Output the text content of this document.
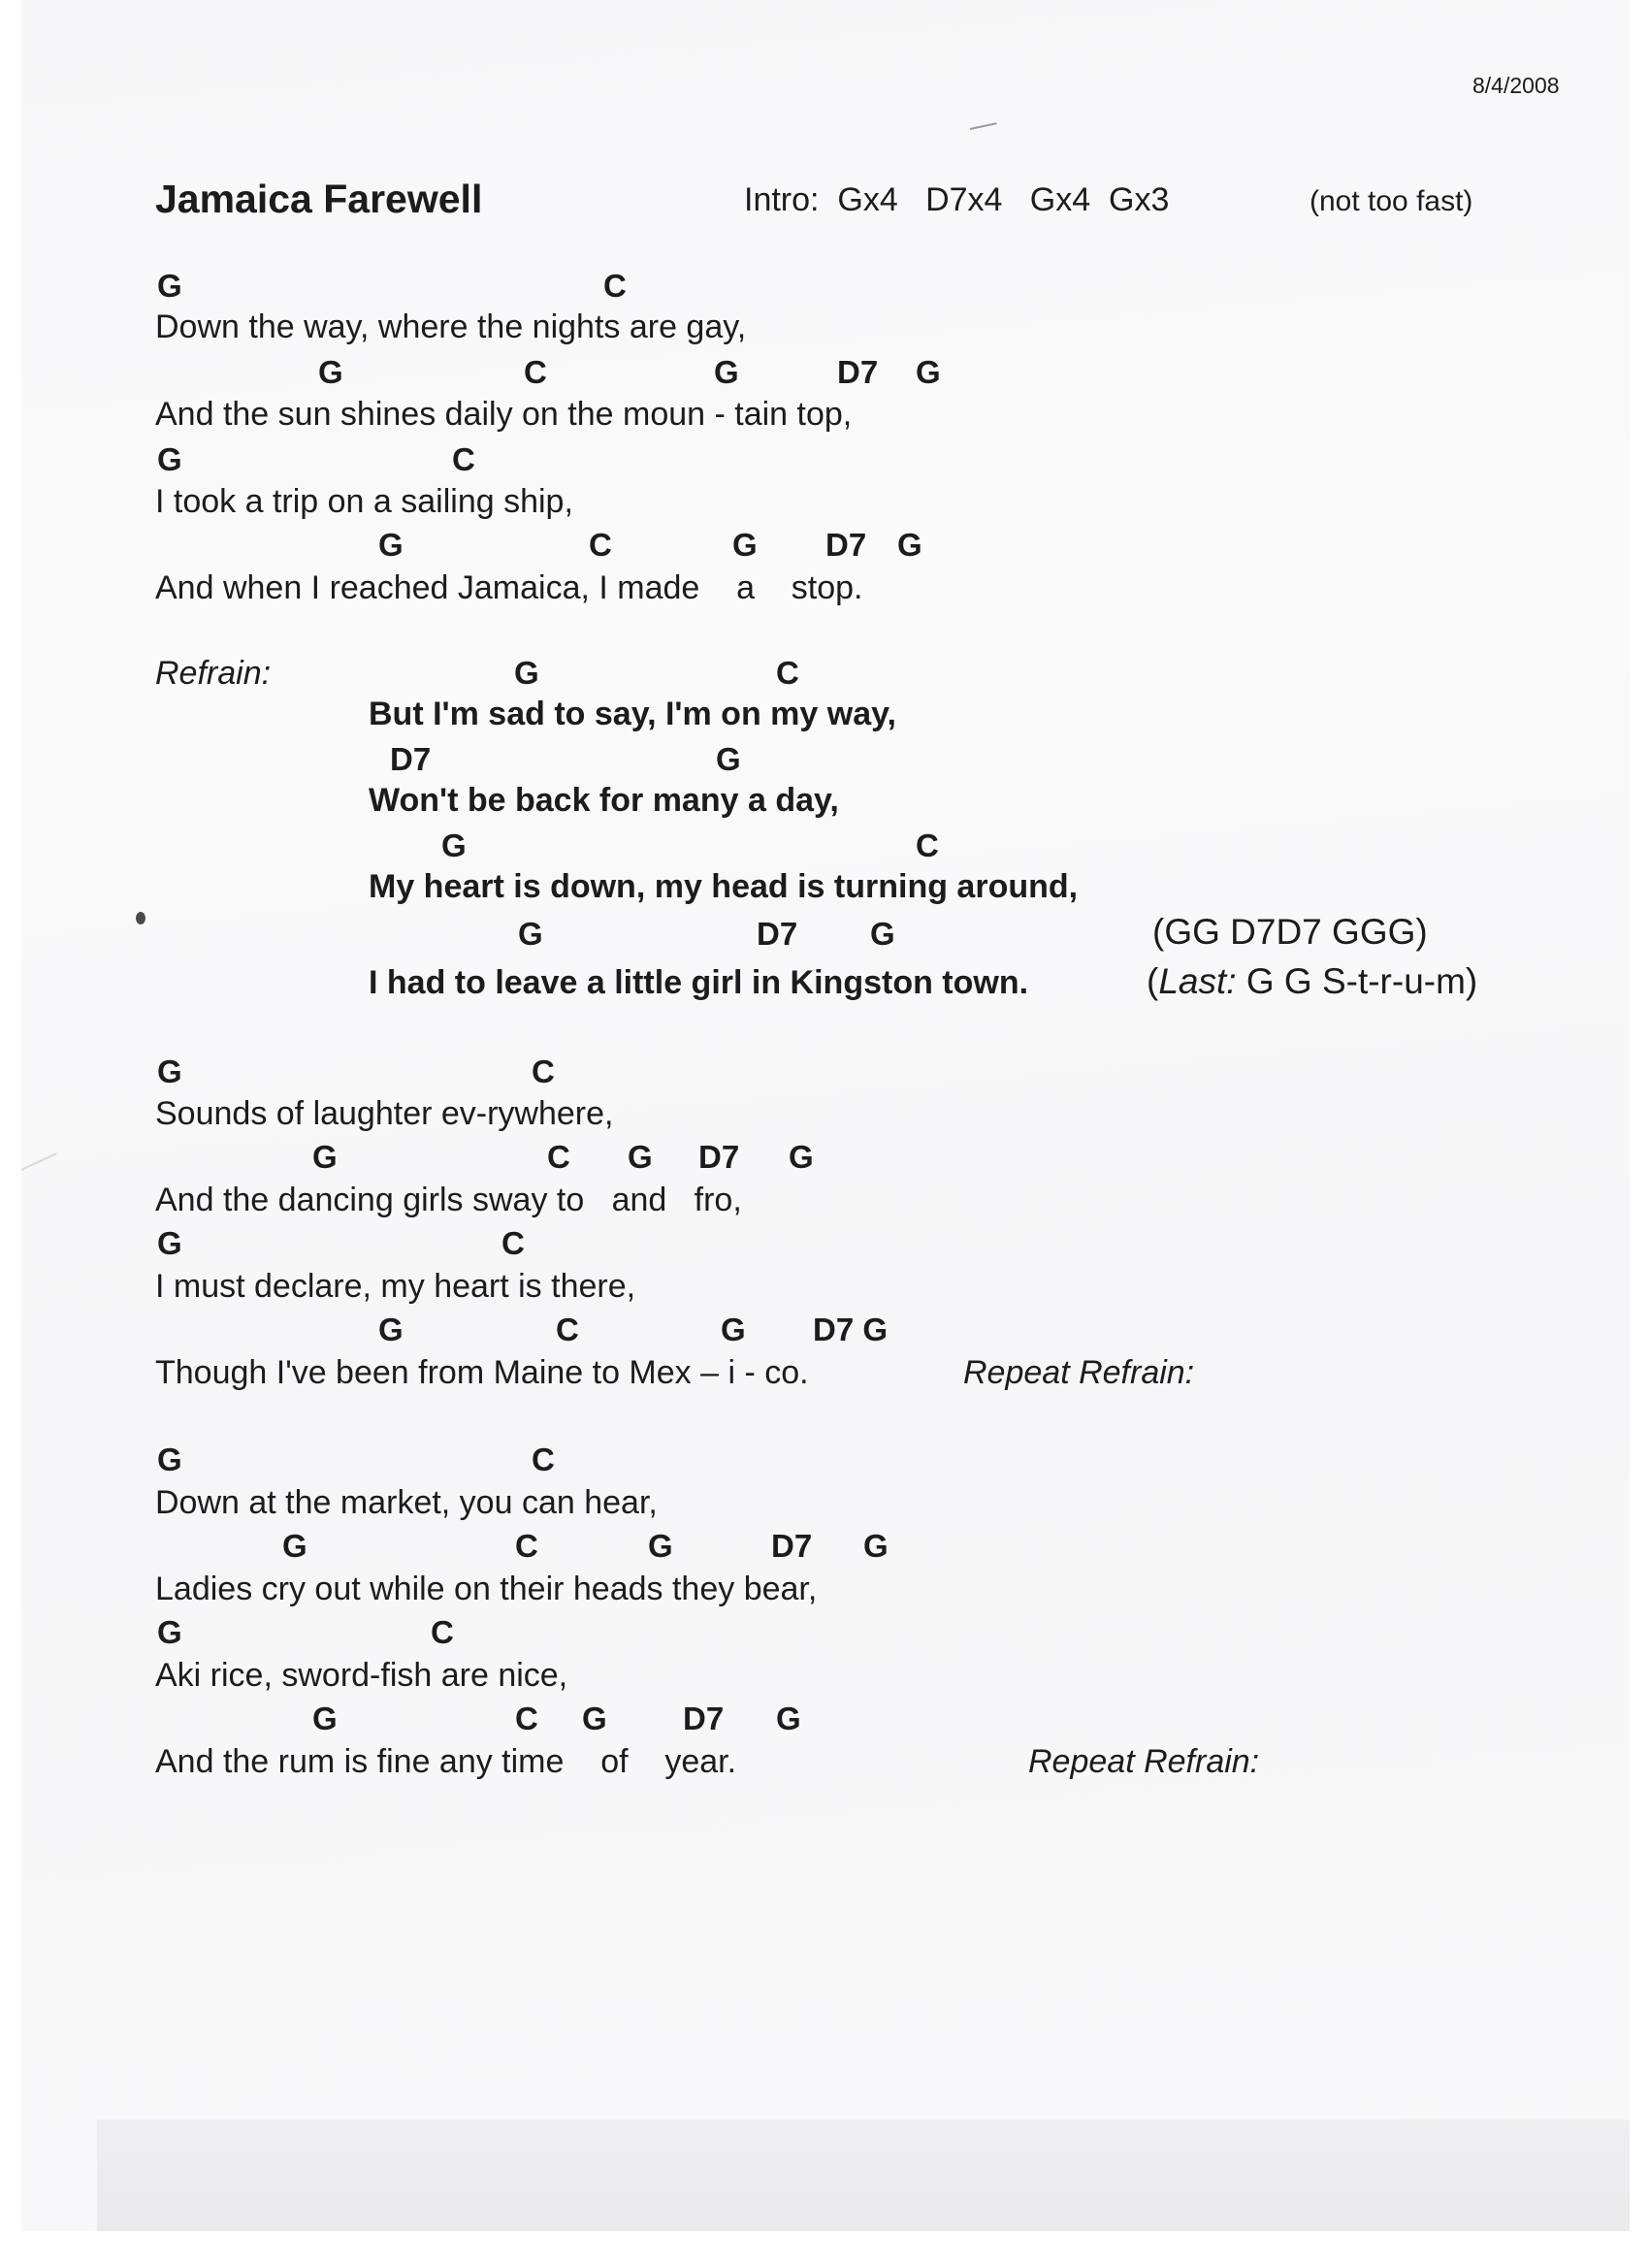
8/4/2008
Jamaica Farewell	Intro:  Gx4   D7x4   Gx4  Gx3	(not too fast)
G	C
Down the way, where the nights are gay,
G	C	G	D7 G
And the sun shines daily on the moun - tain top,
G	C
I took a trip on a sailing ship,
G	C	G D7 G
And when I reached Jamaica, I made    a    stop.
Refrain:	G	C
But I'm sad to say, I'm on my way,
D7	G
Won't be back for many a day,
G	C
My heart is down, my head is turning around,
G	D7 G	(GG D7D7 GGG)
I had to leave a little girl in Kingston town.	(Last: G G S-t-r-u-m)
G	C
Sounds of laughter ev-rywhere,
G	C G D7 G
And the dancing girls sway to   and   fro,
G	C
I must declare, my heart is there,
G	C	G D7 G
Though I've been from Maine to Mex – i - co.	Repeat Refrain:
G	C
Down at the market, you can hear,
G	C	G	D7 G
Ladies cry out while on their heads they bear,
G	C
Aki rice, sword-fish are nice,
G	C G D7 G
And the rum is fine any time    of    year.	Repeat Refrain:
